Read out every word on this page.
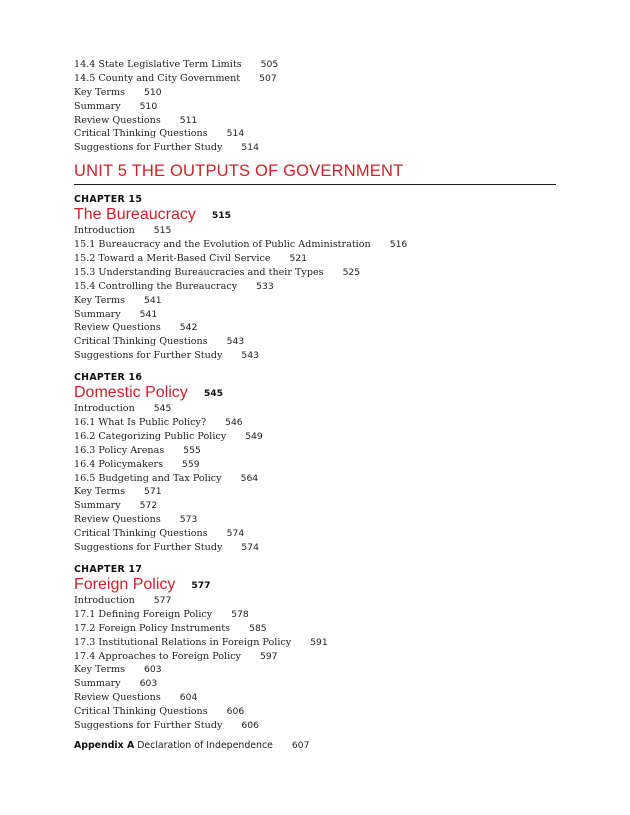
14.4 State Legislative Term Limits 505
14.5 County and City Government 507
Key Terms 510
Summary 510
Review Questions 511
Critical Thinking Questions 514
Suggestions for Further Study 514
UNIT 5 THE OUTPUTS OF GOVERNMENT
CHAPTER 15
The Bureaucracy 515
Introduction 515
15.1 Bureaucracy and the Evolution of Public Administration 516
15.2 Toward a Merit-Based Civil Service 521
15.3 Understanding Bureaucracies and their Types 525
15.4 Controlling the Bureaucracy 533
Key Terms 541
Summary 541
Review Questions 542
Critical Thinking Questions 543
Suggestions for Further Study 543
CHAPTER 16
Domestic Policy 545
Introduction 545
16.1 What Is Public Policy? 546
16.2 Categorizing Public Policy 549
16.3 Policy Arenas 555
16.4 Policymakers 559
16.5 Budgeting and Tax Policy 564
Key Terms 571
Summary 572
Review Questions 573
Critical Thinking Questions 574
Suggestions for Further Study 574
CHAPTER 17
Foreign Policy 577
Introduction 577
17.1 Defining Foreign Policy 578
17.2 Foreign Policy Instruments 585
17.3 Institutional Relations in Foreign Policy 591
17.4 Approaches to Foreign Policy 597
Key Terms 603
Summary 603
Review Questions 604
Critical Thinking Questions 606
Suggestions for Further Study 606
Appendix A Declaration of Independence 607
